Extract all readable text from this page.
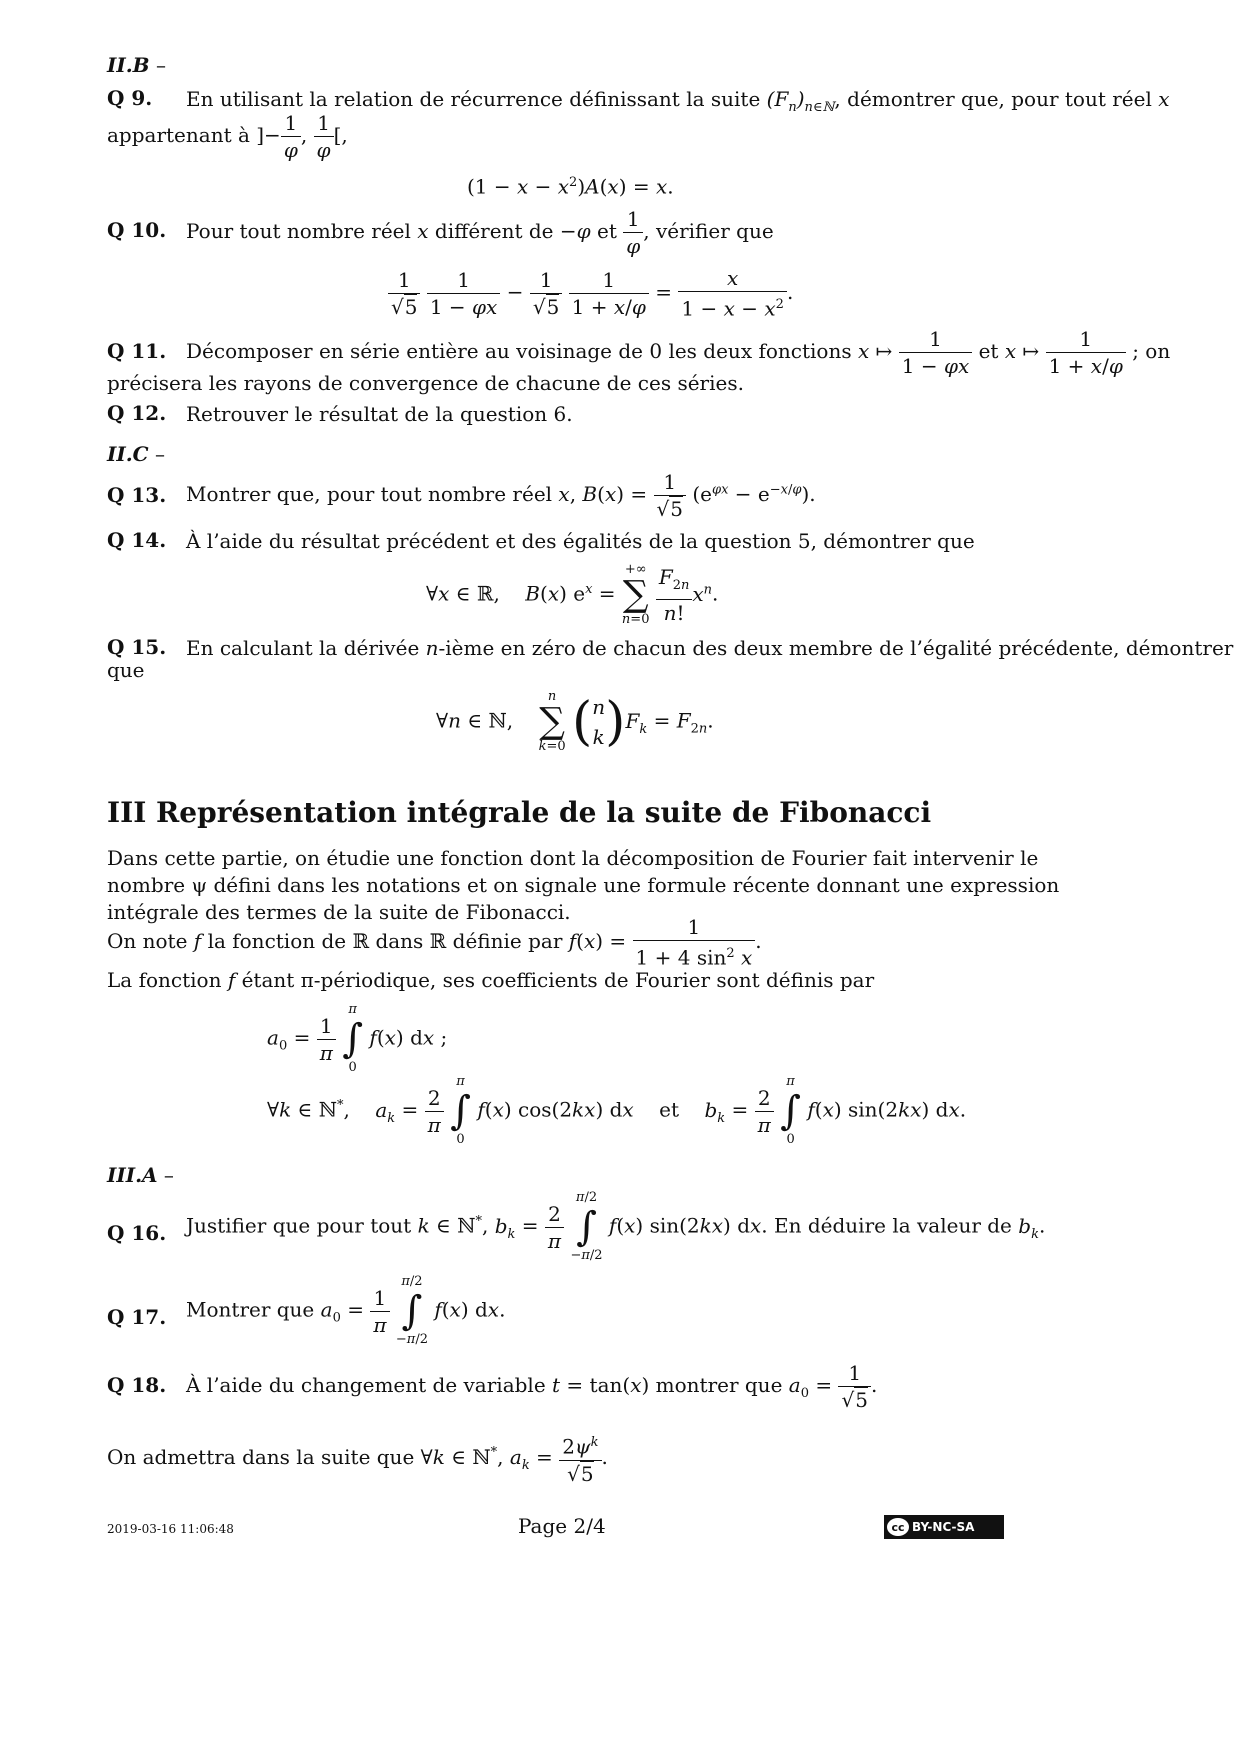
II.B –
Q 9. En utilisant la relation de récurrence définissant la suite $(F_n)_{n\in ℕ}$, démontrer que, pour tout réel x
appartenant à ]− $\frac{1}{\varphi}$ , $\frac{1}{\varphi}$ [,
$(1 - x - x^2)A(x) = x$.
Q 10. Pour tout nombre réel x différent de −φ et $\frac{1}{\varphi}$ , vérifier que
$\frac{1}{√5}$
$\frac{1}{1 - \varphi x} - \frac{1}{√5}$
$\frac{1}{1 + x/\varphi} = \frac{x}{1 - x - x^2}$ .
Q 11. Décomposer en série entière au voisinage de 0 les deux fonctions x ↦ $\frac{1}{1 - \varphi x}$ et x ↦ $\frac{1}{1 + x/\varphi}$ ; on
précisera les rayons de convergence de chacune de ces séries.
Q 12. Retrouver le résultat de la question 6.
II.C –
Q 13. Montrer que, pour tout nombre réel x, $B(x) = \frac{1}{√5} (e^{\varphi x} - e^{-x/\varphi})$.
Q 14. À l’aide du résultat précédent et des égalités de la question 5, démontrer que
∀x ∈ ℝ,    B(x) $e^x$ =
+∞
∑
n=0
$\frac{F_{2n}}{n!} x^n$.
Q 15. En calculant la dérivée n-ième en zéro de chacun des deux membre de l’égalité précédente, démontrer
que
∀n ∈ ℕ,
n
∑
k=0 ( n
k )$F_k = F_{2n}$.
III Représentation intégrale de la suite de Fibonacci
Dans cette partie, on étudie une fonction dont la décomposition de Fourier fait intervenir le nombre ψ défini dans les notations et on signale une formule récente donnant une expression intégrale des termes de la suite de Fibonacci.
On note f la fonction de ℝ dans ℝ définie par $f(x) = \frac{1}{1 + 4 \sin^2 x}$ .
La fonction f étant π-périodique, ses coefficients de Fourier sont définis par
$a_0 = \frac{1}{\pi}$

π
∫
0
f(x) dx ;
∀k ∈ ℕ*,    $a_k = \frac{2}{\pi}$

π
∫
0
f(x) cos(2kx) dx et $b_k = \frac{2}{\pi}$

π
∫
0
f(x) sin(2kx) dx.
III.A –
Q 16. Justifier que pour tout k ∈ ℕ*, $b_k = \frac{2}{\pi}$

π/2
∫
−π/2
f(x) sin(2kx) dx. En déduire la valeur de $b_k$.
Q 17. Montrer que $a_0 = \frac{1}{\pi}$

π/2
∫
−π/2
f(x) dx.
Q 18. À l’aide du changement de variable t = tan(x) montrer que $a_0 = \frac{1}{√5}$ .
On admettra dans la suite que ∀k ∈ ℕ*, $a_k = \frac{2\psi^k}{√5}$ .
2019-03-16 11:06:48	Page 2/4	cc BY-NC-SA
